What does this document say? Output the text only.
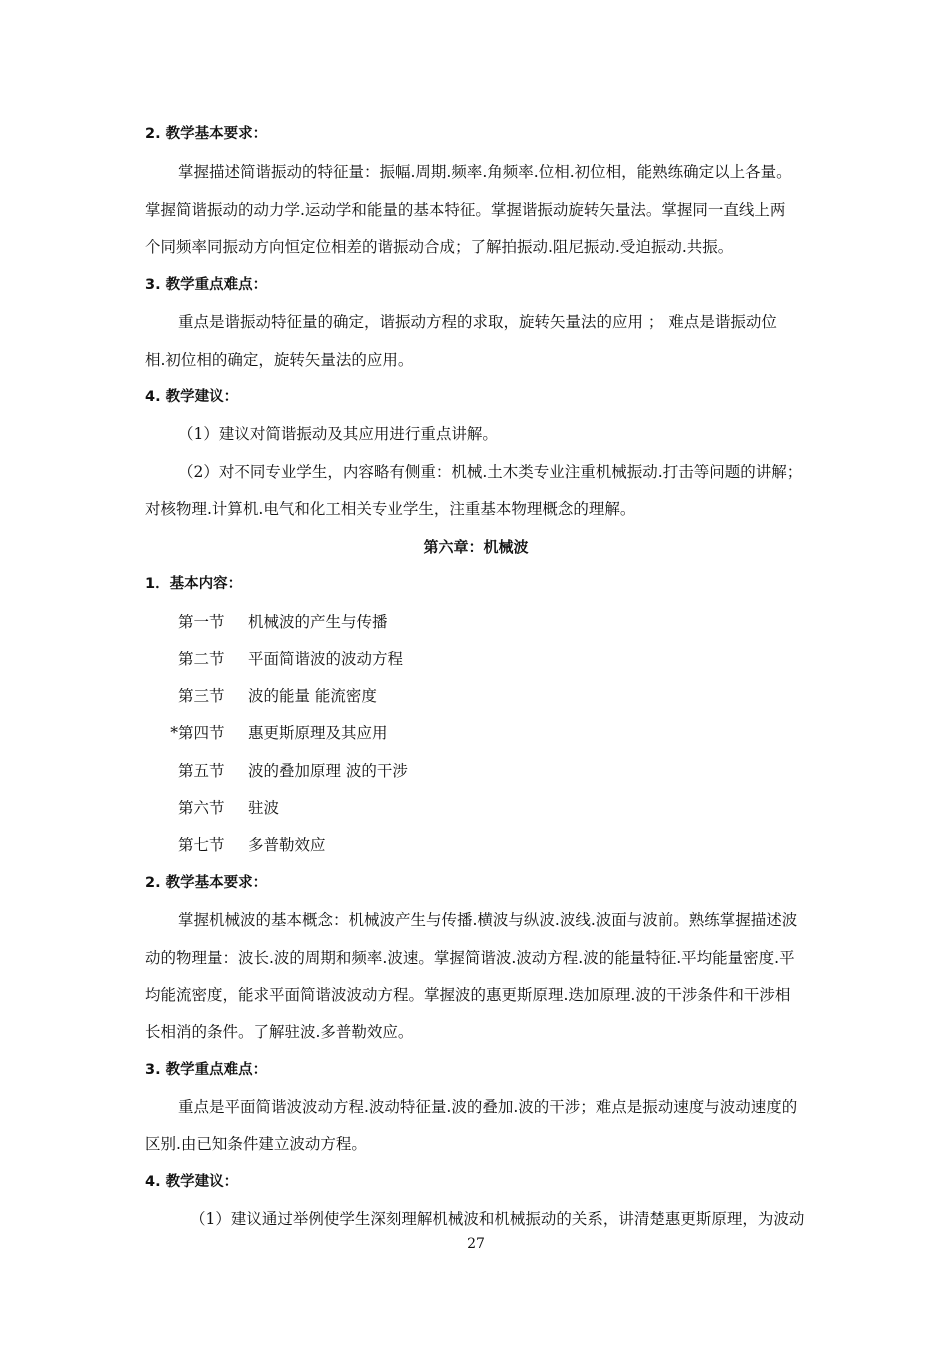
2. 教学基本要求：
掌握描述简谐振动的特征量：振幅.周期.频率.角频率.位相.初位相，能熟练确定以上各量。
掌握简谐振动的动力学.运动学和能量的基本特征。掌握谐振动旋转矢量法。掌握同一直线上两
个同频率同振动方向恒定位相差的谐振动合成；了解拍振动.阻尼振动.受迫振动.共振。
3. 教学重点难点：
重点是谐振动特征量的确定，谐振动方程的求取，旋转矢量法的应用 ； 难点是谐振动位
相.初位相的确定，旋转矢量法的应用。
4. 教学建议：
（1）建议对简谐振动及其应用进行重点讲解。
（2）对不同专业学生，内容略有侧重：机械.土木类专业注重机械振动.打击等问题的讲解；
对核物理.计算机.电气和化工相关专业学生，注重基本物理概念的理解。
第六章：机械波
1．基本内容：
第一节 机械波的产生与传播
第二节 平面简谐波的波动方程
第三节 波的能量 能流密度
*第四节 惠更斯原理及其应用
第五节 波的叠加原理 波的干涉
第六节 驻波
第七节 多普勒效应
2. 教学基本要求：
掌握机械波的基本概念：机械波产生与传播.横波与纵波.波线.波面与波前。熟练掌握描述波
动的物理量：波长.波的周期和频率.波速。掌握简谐波.波动方程.波的能量特征.平均能量密度.平
均能流密度，能求平面简谐波波动方程。掌握波的惠更斯原理.迭加原理.波的干涉条件和干涉相
长相消的条件。了解驻波.多普勒效应。
3. 教学重点难点：
重点是平面简谐波波动方程.波动特征量.波的叠加.波的干涉；难点是振动速度与波动速度的
区别.由已知条件建立波动方程。
4. 教学建议：
（1）建议通过举例使学生深刻理解机械波和机械振动的关系，讲清楚惠更斯原理，为波动
27
